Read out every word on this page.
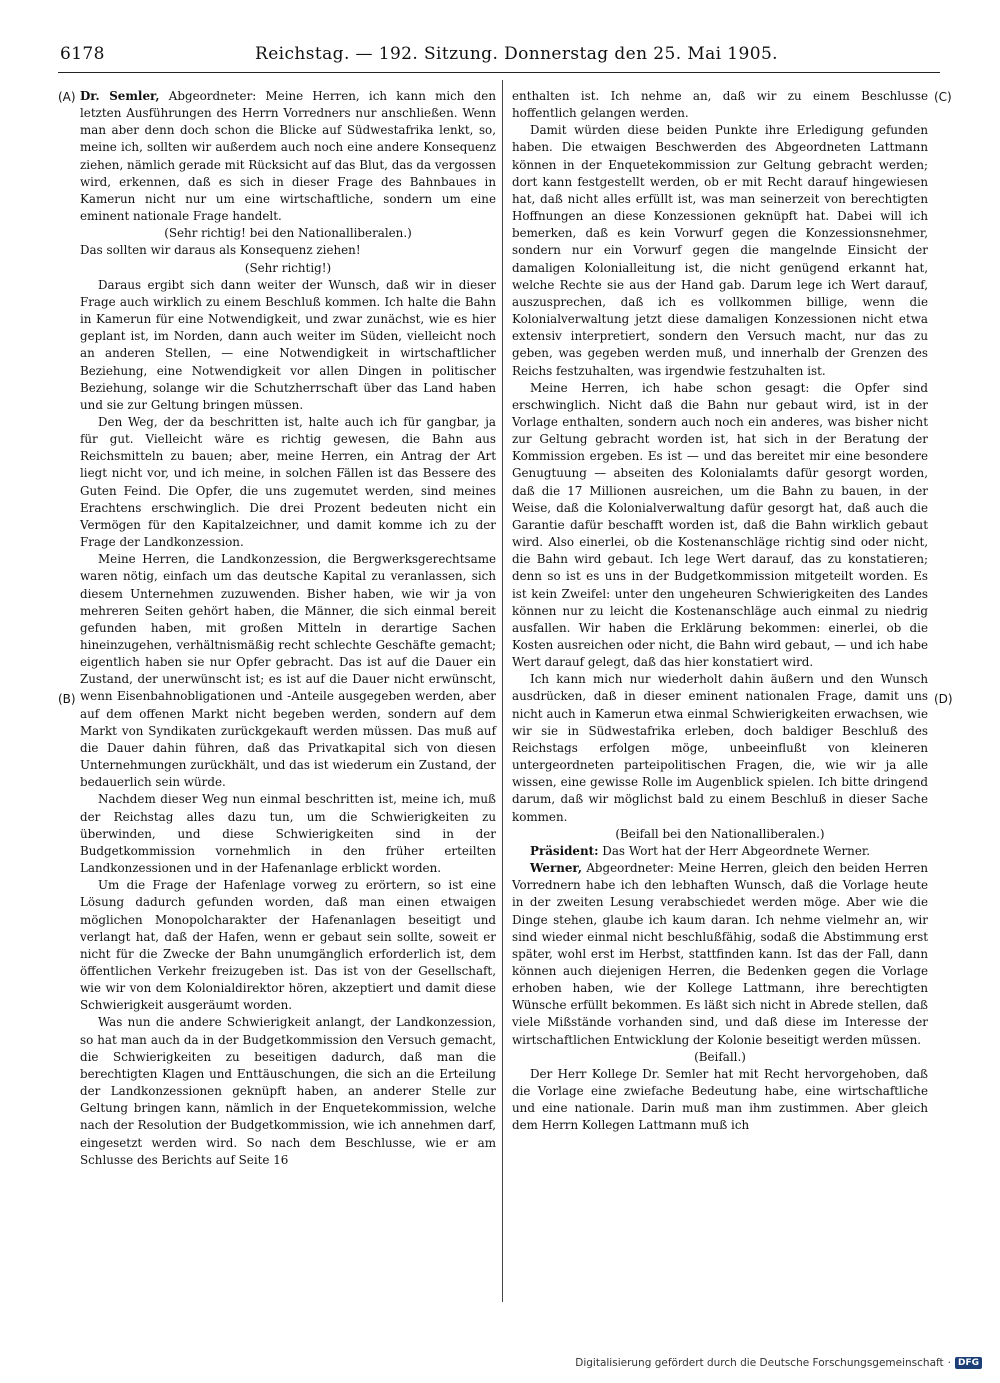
6178	Reichstag. — 192. Sitzung. Donnerstag den 25. Mai 1905.
(A)
(B)
(C)
(D)

Dr. Semler, Abgeordneter: Meine Herren, ich kann mich den letzten Ausführungen des Herrn Vorredners nur anschließen. Wenn man aber denn doch schon die Blicke auf Südwestafrika lenkt, so, meine ich, sollten wir außerdem auch noch eine andere Konsequenz ziehen, nämlich gerade mit Rücksicht auf das Blut, das da vergossen wird, erkennen, daß es sich in dieser Frage des Bahnbaues in Kamerun nicht nur um eine wirtschaftliche, sondern um eine eminent nationale Frage handelt.

(Sehr richtig! bei den Nationalliberalen.)

Das sollten wir daraus als Konsequenz ziehen!

(Sehr richtig!)

Daraus ergibt sich dann weiter der Wunsch, daß wir in dieser Frage auch wirklich zu einem Beschluß kommen. Ich halte die Bahn in Kamerun für eine Notwendigkeit, und zwar zunächst, wie es hier geplant ist, im Norden, dann auch weiter im Süden, vielleicht noch an anderen Stellen, — eine Notwendigkeit in wirtschaftlicher Beziehung, eine Notwendigkeit vor allen Dingen in politischer Beziehung, solange wir die Schutzherrschaft über das Land haben und sie zur Geltung bringen müssen.

Den Weg, der da beschritten ist, halte auch ich für gangbar, ja für gut. Vielleicht wäre es richtig gewesen, die Bahn aus Reichsmitteln zu bauen; aber, meine Herren, ein Antrag der Art liegt nicht vor, und ich meine, in solchen Fällen ist das Bessere des Guten Feind. Die Opfer, die uns zugemutet werden, sind meines Erachtens erschwinglich. Die drei Prozent bedeuten nicht ein Vermögen für den Kapitalzeichner, und damit komme ich zu der Frage der Landkonzession.

Meine Herren, die Landkonzession, die Bergwerksgerechtsame waren nötig, einfach um das deutsche Kapital zu veranlassen, sich diesem Unternehmen zuzuwenden. Bisher haben, wie wir ja von mehreren Seiten gehört haben, die Männer, die sich einmal bereit gefunden haben, mit großen Mitteln in derartige Sachen hineinzugehen, verhältnismäßig recht schlechte Geschäfte gemacht; eigentlich haben sie nur Opfer gebracht. Das ist auf die Dauer ein Zustand, der unerwünscht ist; es ist auf die Dauer nicht erwünscht, wenn Eisenbahnobligationen und -Anteile ausgegeben werden, aber auf dem offenen Markt nicht begeben werden, sondern auf dem Markt von Syndikaten zurückgekauft werden müssen. Das muß auf die Dauer dahin führen, daß das Privatkapital sich von diesen Unternehmungen zurückhält, und das ist wiederum ein Zustand, der bedauerlich sein würde.

Nachdem dieser Weg nun einmal beschritten ist, meine ich, muß der Reichstag alles dazu tun, um die Schwierigkeiten zu überwinden, und diese Schwierigkeiten sind in der Budgetkommission vornehmlich in den früher erteilten Landkonzessionen und in der Hafenanlage erblickt worden.

Um die Frage der Hafenlage vorweg zu erörtern, so ist eine Lösung dadurch gefunden worden, daß man einen etwaigen möglichen Monopolcharakter der Hafenanlagen beseitigt und verlangt hat, daß der Hafen, wenn er gebaut sein sollte, soweit er nicht für die Zwecke der Bahn unumgänglich erforderlich ist, dem öffentlichen Verkehr freizugeben ist. Das ist von der Gesellschaft, wie wir von dem Kolonialdirektor hören, akzeptiert und damit diese Schwierigkeit ausgeräumt worden.

Was nun die andere Schwierigkeit anlangt, der Landkonzession, so hat man auch da in der Budgetkommission den Versuch gemacht, die Schwierigkeiten zu beseitigen dadurch, daß man die berechtigten Klagen und Enttäuschungen, die sich an die Erteilung der Landkonzessionen geknüpft haben, an anderer Stelle zur Geltung bringen kann, nämlich in der Enquetekommission, welche nach der Resolution der Budgetkommission, wie ich annehmen darf, eingesetzt werden wird. So nach dem Beschlusse, wie er am Schlusse des Berichts auf Seite 16

enthalten ist. Ich nehme an, daß wir zu einem Beschlusse hoffentlich gelangen werden.

Damit würden diese beiden Punkte ihre Erledigung gefunden haben. Die etwaigen Beschwerden des Abgeordneten Lattmann können in der Enquetekommission zur Geltung gebracht werden; dort kann festgestellt werden, ob er mit Recht darauf hingewiesen hat, daß nicht alles erfüllt ist, was man seinerzeit von berechtigten Hoffnungen an diese Konzessionen geknüpft hat. Dabei will ich bemerken, daß es kein Vorwurf gegen die Konzessionsnehmer, sondern nur ein Vorwurf gegen die mangelnde Einsicht der damaligen Kolonialleitung ist, die nicht genügend erkannt hat, welche Rechte sie aus der Hand gab. Darum lege ich Wert darauf, auszusprechen, daß ich es vollkommen billige, wenn die Kolonialverwaltung jetzt diese damaligen Konzessionen nicht etwa extensiv interpretiert, sondern den Versuch macht, nur das zu geben, was gegeben werden muß, und innerhalb der Grenzen des Reichs festzuhalten, was irgendwie festzuhalten ist.

Meine Herren, ich habe schon gesagt: die Opfer sind erschwinglich. Nicht daß die Bahn nur gebaut wird, ist in der Vorlage enthalten, sondern auch noch ein anderes, was bisher nicht zur Geltung gebracht worden ist, hat sich in der Beratung der Kommission ergeben. Es ist — und das bereitet mir eine besondere Genugtuung — abseiten des Kolonialamts dafür gesorgt worden, daß die 17 Millionen ausreichen, um die Bahn zu bauen, in der Weise, daß die Kolonialverwaltung dafür gesorgt hat, daß auch die Garantie dafür beschafft worden ist, daß die Bahn wirklich gebaut wird. Also einerlei, ob die Kostenanschläge richtig sind oder nicht, die Bahn wird gebaut. Ich lege Wert darauf, das zu konstatieren; denn so ist es uns in der Budgetkommission mitgeteilt worden. Es ist kein Zweifel: unter den ungeheuren Schwierigkeiten des Landes können nur zu leicht die Kostenanschläge auch einmal zu niedrig ausfallen. Wir haben die Erklärung bekommen: einerlei, ob die Kosten ausreichen oder nicht, die Bahn wird gebaut, — und ich habe Wert darauf gelegt, daß das hier konstatiert wird.

Ich kann mich nur wiederholt dahin äußern und den Wunsch ausdrücken, daß in dieser eminent nationalen Frage, damit uns nicht auch in Kamerun etwa einmal Schwierigkeiten erwachsen, wie wir sie in Südwestafrika erleben, doch baldiger Beschluß des Reichstags erfolgen möge, unbeeinflußt von kleineren untergeordneten parteipolitischen Fragen, die, wie wir ja alle wissen, eine gewisse Rolle im Augenblick spielen. Ich bitte dringend darum, daß wir möglichst bald zu einem Beschluß in dieser Sache kommen.

(Beifall bei den Nationalliberalen.)

Präsident: Das Wort hat der Herr Abgeordnete Werner.

Werner, Abgeordneter: Meine Herren, gleich den beiden Herren Vorrednern habe ich den lebhaften Wunsch, daß die Vorlage heute in der zweiten Lesung verabschiedet werden möge. Aber wie die Dinge stehen, glaube ich kaum daran. Ich nehme vielmehr an, wir sind wieder einmal nicht beschlußfähig, sodaß die Abstimmung erst später, wohl erst im Herbst, stattfinden kann. Ist das der Fall, dann können auch diejenigen Herren, die Bedenken gegen die Vorlage erhoben haben, wie der Kollege Lattmann, ihre berechtigten Wünsche erfüllt bekommen. Es läßt sich nicht in Abrede stellen, daß viele Mißstände vorhanden sind, und daß diese im Interesse der wirtschaftlichen Entwicklung der Kolonie beseitigt werden müssen.

(Beifall.)

Der Herr Kollege Dr. Semler hat mit Recht hervorgehoben, daß die Vorlage eine zwiefache Bedeutung habe, eine wirtschaftliche und eine nationale. Darin muß man ihm zustimmen. Aber gleich dem Herrn Kollegen Lattmann muß ich

Digitalisierung gefördert durch die Deutsche Forschungsgemeinschaft · DFG
